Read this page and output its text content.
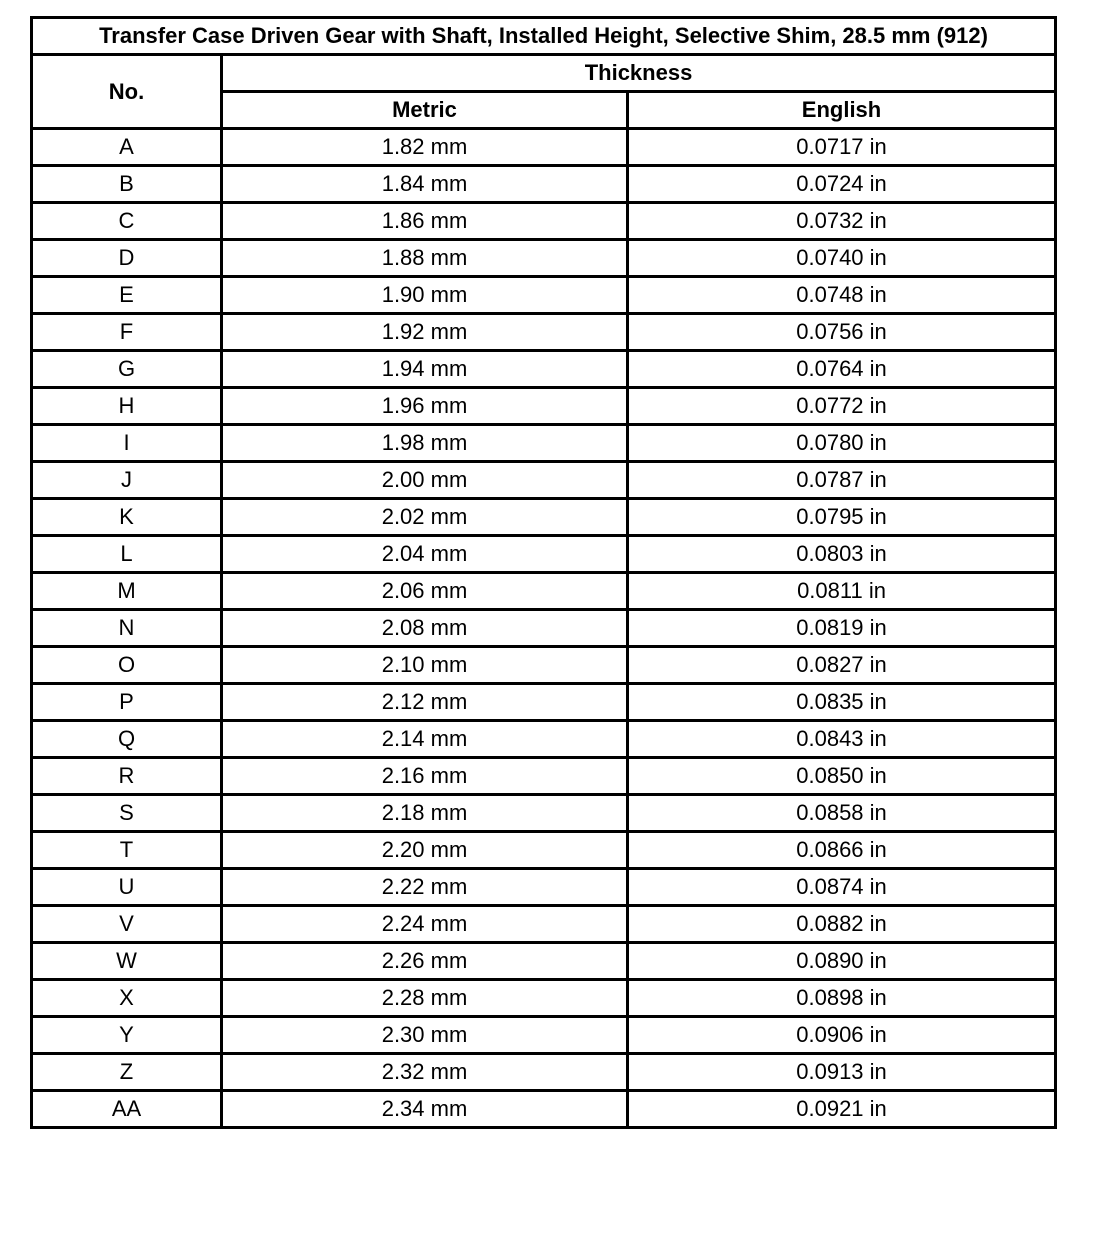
Transfer Case Driven Gear with Shaft, Installed Height, Selective Shim, 28.5 mm (912)		
No.	Thickness	
	Metric	English
A	1.82 mm	0.0717 in
B	1.84 mm	0.0724 in
C	1.86 mm	0.0732 in
D	1.88 mm	0.0740 in
E	1.90 mm	0.0748 in
F	1.92 mm	0.0756 in
G	1.94 mm	0.0764 in
H	1.96 mm	0.0772 in
I	1.98 mm	0.0780 in
J	2.00 mm	0.0787 in
K	2.02 mm	0.0795 in
L	2.04 mm	0.0803 in
M	2.06 mm	0.0811 in
N	2.08 mm	0.0819 in
O	2.10 mm	0.0827 in
P	2.12 mm	0.0835 in
Q	2.14 mm	0.0843 in
R	2.16 mm	0.0850 in
S	2.18 mm	0.0858 in
T	2.20 mm	0.0866 in
U	2.22 mm	0.0874 in
V	2.24 mm	0.0882 in
W	2.26 mm	0.0890 in
X	2.28 mm	0.0898 in
Y	2.30 mm	0.0906 in
Z	2.32 mm	0.0913 in
AA	2.34 mm	0.0921 in
